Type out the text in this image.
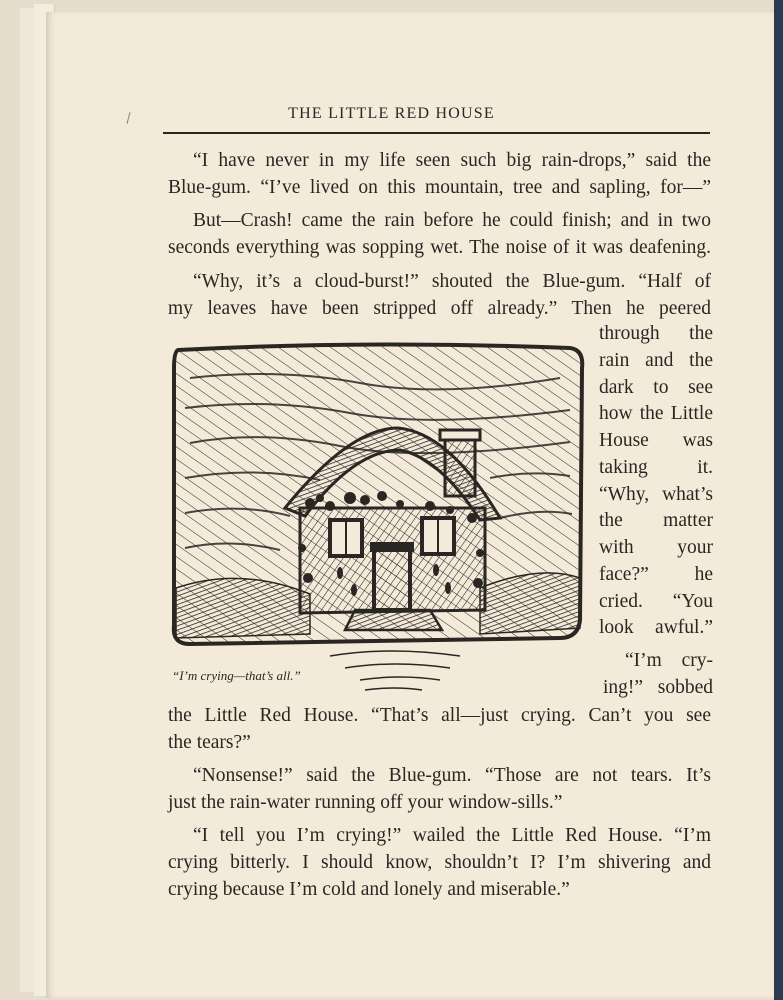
THE LITTLE RED HOUSE
“I have never in my life seen such big rain-drops,” said the
Blue-gum. “I’ve lived on this mountain, tree and sapling, for—”
But—Crash! came the rain before he could finish; and in two
seconds everything was sopping wet. The noise of it was deafening.
“Why, it’s a cloud-burst!” shouted the Blue-gum. “Half of
my leaves have been stripped off already.” Then he peered
through the
rain and the
dark to see
how the Little
House was
taking it.
“Why, what’s
the matter
with your
face?” he
cried. “You
look awful.”
“I’m cry-
ing!” sobbed
the Little Red House. “That’s all—just crying. Can’t you see
the tears?”
“Nonsense!” said the Blue-gum. “Those are not tears. It’s
just the rain-water running off your window-sills.”
“I tell you I’m crying!” wailed the Little Red House. “I’m
crying bitterly. I should know, shouldn’t I? I’m shivering and
crying because I’m cold and lonely and miserable.”
“I’m crying—that’s all.”
